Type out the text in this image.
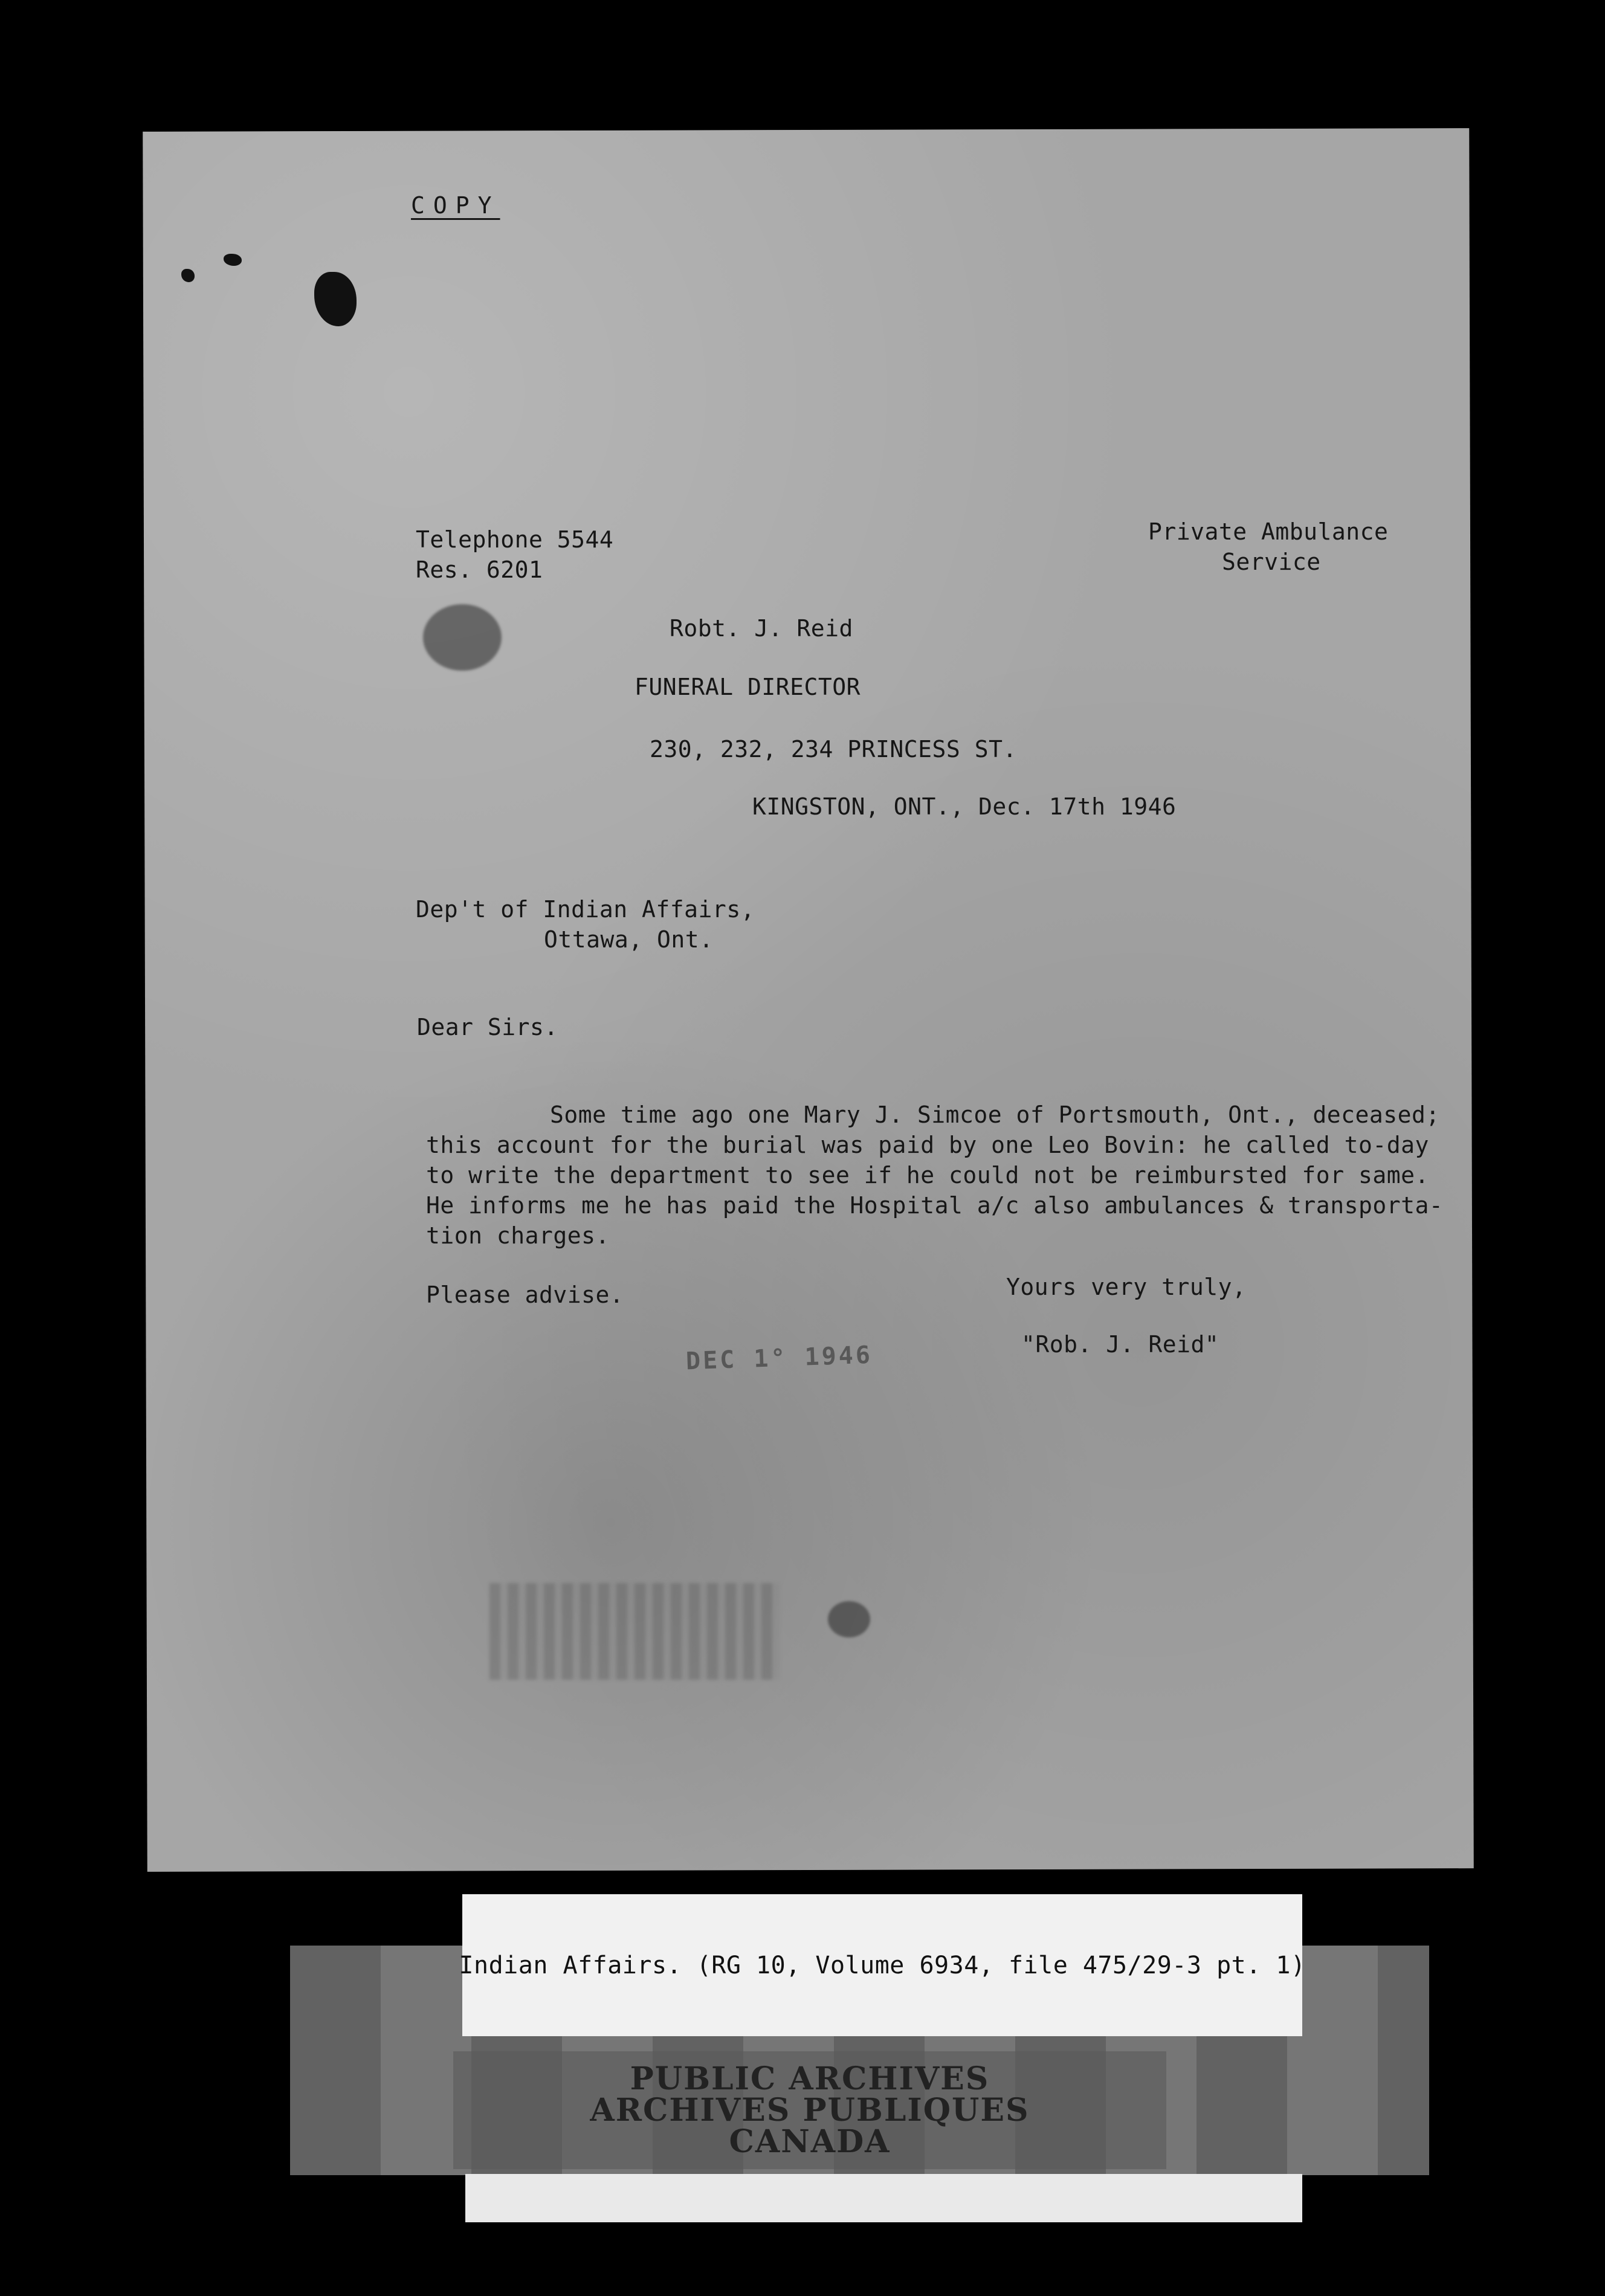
COPY
Telephone 5544
Res. 6201
Private Ambulance
Service
Robt. J. Reid
FUNERAL DIRECTOR
230, 232, 234 PRINCESS ST.
KINGSTON, ONT., Dec. 17th 1946
Dep't of Indian Affairs,
Ottawa, Ont.
Dear Sirs.
Some time ago one Mary J. Simcoe of Portsmouth, Ont., deceased;
this account for the burial was paid by one Leo Bovin: he called to-day
to write the department to see if he could not be reimbursted for same.
He informs me he has paid the Hospital a/c also ambulances & transporta-
tion charges.
Please advise.	Yours very truly,
"Rob. J. Reid"
DEC 1° 1946
Indian Affairs. (RG 10, Volume 6934, file 475/29-3 pt. 1)
PUBLIC ARCHIVES
ARCHIVES PUBLIQUES
CANADA
